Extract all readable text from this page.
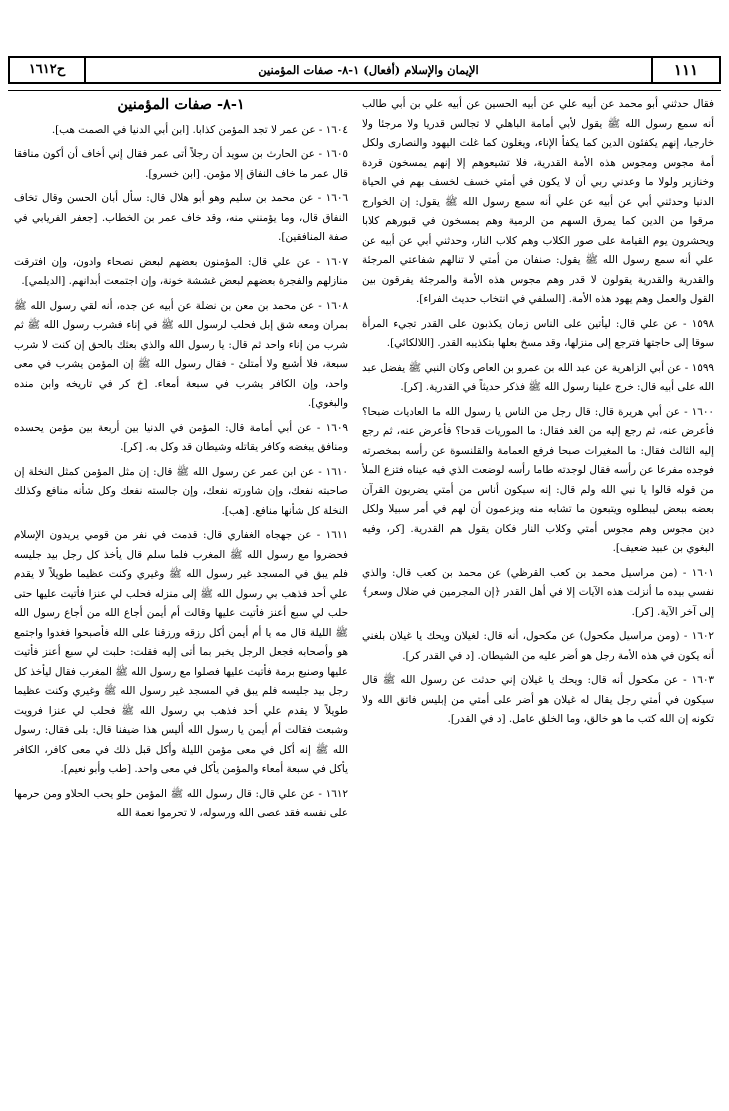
١١١
الإيمان والإسلام (أفعال) ١-٨- صفات المؤمنين
ح١٦١٢

فقال حدثني أبو محمد عن أبيه علي عن أبيه الحسين عن أبيه علي بن أبي طالب أنه سمع رسول الله ﷺ يقول لأبي أمامة الباهلي لا تجالس قدريا ولا مرجئا ولا خارجيا، إنهم يكفئون الدين كما يكفأ الإناء، ويغلون كما غلت اليهود والنصارى ولكل أمة مجوس ومجوس هذه الأمة القدرية، فلا تشيعوهم إلا إنهم يمسخون قردة وخنازير ولولا ما وعدني ربي أن لا يكون في أمتي خسف لخسف بهم في الحياة الدنيا وحدثني أبي عن أبيه عن علي أنه سمع رسول الله ﷺ يقول: إن الخوارج مرقوا من الدين كما يمرق السهم من الرمية وهم يمسخون في قبورهم كلابا ويحشرون يوم القيامة على صور الكلاب وهم كلاب النار، وحدثني أبي عن أبيه عن علي أنه سمع رسول الله ﷺ يقول: صنفان من أمتي لا تنالهم شفاعتي المرجئة والقدرية والقدرية يقولون لا قدر وهم مجوس هذه الأمة والمرجئة يفرقون بين القول والعمل وهم يهود هذه الأمة. [السلفي في انتخاب حديث الفراء].

١٥٩٨ - عن علي قال: ليأتين على الناس زمان يكذبون على القدر تجيء المرأة سوقا إلى حاجتها فترجع إلى منزلها، وقد مسخ بعلها بتكذيبه القدر. [اللالكائي].

١٥٩٩ - عن أبي الزاهرية عن عبد الله بن عمرو بن العاص وكان النبي ﷺ يفضل عبد الله على أبيه قال: خرج علينا رسول الله ﷺ فذكر حديثاً في القدرية. [كر].

١٦٠٠ - عن أبي هريرة قال: قال رجل من الناس يا رسول الله ما العاديات ضبحا؟ فأعرض عنه، ثم رجع إليه من الغد فقال: ما الموريات قدحا؟ فأعرض عنه، ثم رجع إليه الثالث فقال: ما المغيرات صبحا فرفع العمامة والقلنسوة عن رأسه بمخصرته فوجده مفرعا عن رأسه فقال لوجدته طاما رأسه لوضعت الذي فيه عيناه فتزع الملأ من قوله قالوا يا نبي الله ولم قال: إنه سيكون أناس من أمتي يضربون القرآن بعضه ببعض ليبطلوه ويتبعون ما تشابه منه ويزعمون أن لهم في أمر سبيلا ولكل دين مجوس وهم مجوس أمتي وكلاب النار فكان يقول هم القدرية. [كر، وفيه البغوي بن عبيد ضعيف].

١٦٠١ - (من مراسيل محمد بن كعب القرظي) عن محمد بن كعب قال: والذي نفسي بيده ما أنزلت هذه الآيات إلا في أهل القدر ﴿إن المجرمين في ضلال وسعر﴾ إلى آخر الآية. [كر].

١٦٠٢ - (ومن مراسيل مكحول) عن مكحول، أنه قال: لغيلان ويحك يا غيلان بلغني أنه يكون في هذه الأمة رجل هو أضر عليه من الشيطان. [د في القدر كر].

١٦٠٣ - عن مكحول أنه قال: ويحك يا غيلان إني حدثت عن رسول الله ﷺ قال سيكون في أمتي رجل يقال له غيلان هو أضر على أمتي من إبليس فاتق الله ولا تكونه إن الله كتب ما هو خالق، وما الخلق عامل. [د في القدر].

١-٨- صفات المؤمنين

١٦٠٤ - عن عمر لا تجد المؤمن كذابا. [ابن أبي الدنيا في الصمت هب].

١٦٠٥ - عن الحارث بن سويد أن رجلاً أتى عمر فقال إني أخاف أن أكون منافقا قال عمر ما خاف النفاق إلا مؤمن. [ابن خسرو].

١٦٠٦ - عن محمد بن سليم وهو أبو هلال قال: سأل أبان الحسن وقال تخاف النفاق قال، وما يؤمنني منه، وقد خاف عمر بن الخطاب. [جعفر الفريابي في صفة المنافقين].

١٦٠٧ - عن علي قال: المؤمنون بعضهم لبعض نصحاء وادون، وإن افترقت منازلهم والفجرة بعضهم لبعض غششة خونة، وإن اجتمعت أبدانهم. [الديلمي].

١٦٠٨ - عن محمد بن معن بن نضلة عن أبيه عن جده، أنه لقي رسول الله ﷺ بمران ومعه شق إبل فحلب لرسول الله ﷺ في إناء فشرب رسول الله ﷺ ثم شرب من إناء واحد ثم قال: يا رسول الله والذي بعثك بالحق إن كنت لا شرب سبعة، فلا أشبع ولا أمتلئ - فقال رسول الله ﷺ إن المؤمن يشرب في معى واحد، وإن الكافر يشرب في سبعة أمعاء. [خ كر في تاريخه وابن منده والبغوي].

١٦٠٩ - عن أبي أمامة قال: المؤمن في الدنيا بين أربعة بين مؤمن يحسده ومنافق يبغضه وكافر يقاتله وشيطان قد وكل به. [كر].

١٦١٠ - عن ابن عمر عن رسول الله ﷺ قال: إن مثل المؤمن كمثل النخلة إن صاحبته نفعك، وإن شاورته نفعك، وإن جالسته نفعك وكل شأنه منافع وكذلك النخلة كل شأنها منافع. [هب].

١٦١١ - عن جهجاه الغفاري قال: قدمت في نفر من قومي يريدون الإسلام فحضروا مع رسول الله ﷺ المغرب فلما سلم قال يأخذ كل رجل بيد جليسه فلم يبق في المسجد غير رسول الله ﷺ وغيري وكنت عظيما طويلاً لا يقدم علي أحد فذهب بي رسول الله ﷺ إلى منزله فحلب لي عنزا فأتيت عليها حتى حلب لي سبع أعنز فأتيت عليها وقالت أم أيمن أجاع الله من أجاع رسول الله ﷺ الليلة قال مه يا أم أيمن أكل رزقه ورزقنا على الله فأصبحوا فغدوا واجتمع هو وأصحابه فجعل الرجل يخبر بما أتى إليه فقلت: حلبت لي سبع أعنز فأتيت عليها وصنيع برمة فأتيت عليها فصلوا مع رسول الله ﷺ المغرب فقال ليأخذ كل رجل بيد جليسه فلم يبق في المسجد غير رسول الله ﷺ وغيري وكنت عظيما طويلاً لا يقدم علي أحد فذهب بي رسول الله ﷺ فحلب لي عنزا فرويت وشبعت فقالت أم أيمن يا رسول الله أليس هذا ضيفنا قال: بلى فقال: رسول الله ﷺ إنه أكل في معى مؤمن الليلة وأكل قبل ذلك في معى كافر، الكافر يأكل في سبعة أمعاء والمؤمن يأكل في معى واحد. [طب وأبو نعيم].

١٦١٢ - عن علي قال: قال رسول الله ﷺ المؤمن حلو يحب الحلاو ومن حرمها على نفسه فقد عصى الله ورسوله، لا تحرموا نعمة الله
